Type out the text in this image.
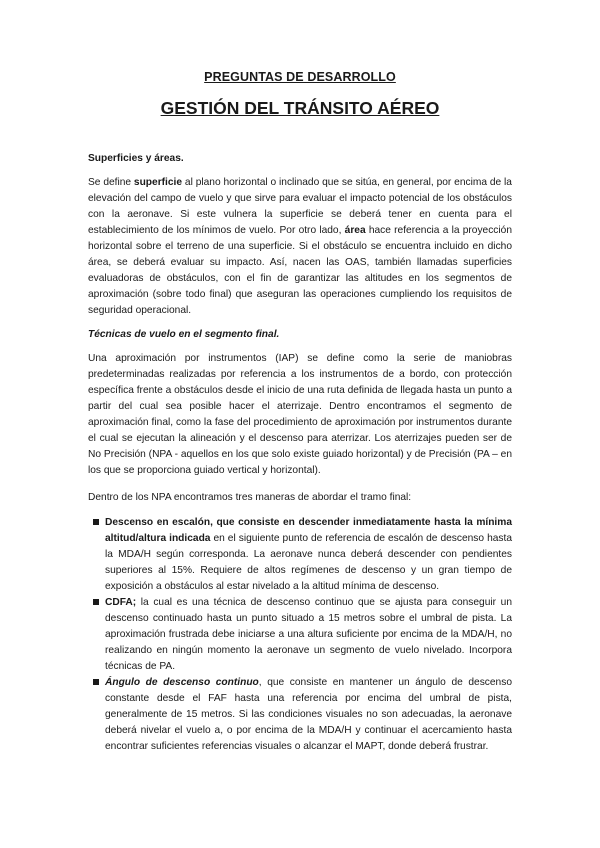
PREGUNTAS DE DESARROLLO
GESTIÓN DEL TRÁNSITO AÉREO
Superficies y áreas.

Se define superficie al plano horizontal o inclinado que se sitúa, en general, por encima de la elevación del campo de vuelo y que sirve para evaluar el impacto potencial de los obstáculos con la aeronave. Si este vulnera la superficie se deberá tener en cuenta para el establecimiento de los mínimos de vuelo. Por otro lado, área hace referencia a la proyección horizontal sobre el terreno de una superficie. Si el obstáculo se encuentra incluido en dicho área, se deberá evaluar su impacto. Así, nacen las OAS, también llamadas superficies evaluadoras de obstáculos, con el fin de garantizar las altitudes en los segmentos de aproximación (sobre todo final) que aseguran las operaciones cumpliendo los requisitos de seguridad operacional.

Técnicas de vuelo en el segmento final.

Una aproximación por instrumentos (IAP) se define como la serie de maniobras predeterminadas realizadas por referencia a los instrumentos de a bordo, con protección específica frente a obstáculos desde el inicio de una ruta definida de llegada hasta un punto a partir del cual sea posible hacer el aterrizaje. Dentro encontramos el segmento de aproximación final, como la fase del procedimiento de aproximación por instrumentos durante el cual se ejecutan la alineación y el descenso para aterrizar. Los aterrizajes pueden ser de No Precisión (NPA - aquellos en los que solo existe guiado horizontal) y de Precisión (PA – en los que se proporciona guiado vertical y horizontal).

Dentro de los NPA encontramos tres maneras de abordar el tramo final:

Descenso en escalón, que consiste en descender inmediatamente hasta la mínima altitud/altura indicada en el siguiente punto de referencia de escalón de descenso hasta la MDA/H según corresponda. La aeronave nunca deberá descender con pendientes superiores al 15%. Requiere de altos regímenes de descenso y un gran tiempo de exposición a obstáculos al estar nivelado a la altitud mínima de descenso.
CDFA; la cual es una técnica de descenso continuo que se ajusta para conseguir un descenso continuado hasta un punto situado a 15 metros sobre el umbral de pista. La aproximación frustrada debe iniciarse a una altura suficiente por encima de la MDA/H, no realizando en ningún momento la aeronave un segmento de vuelo nivelado. Incorpora técnicas de PA.
Ángulo de descenso continuo, que consiste en mantener un ángulo de descenso constante desde el FAF hasta una referencia por encima del umbral de pista, generalmente de 15 metros. Si las condiciones visuales no son adecuadas, la aeronave deberá nivelar el vuelo a, o por encima de la MDA/H y continuar el acercamiento hasta encontrar suficientes referencias visuales o alcanzar el MAPT, donde deberá frustrar.
